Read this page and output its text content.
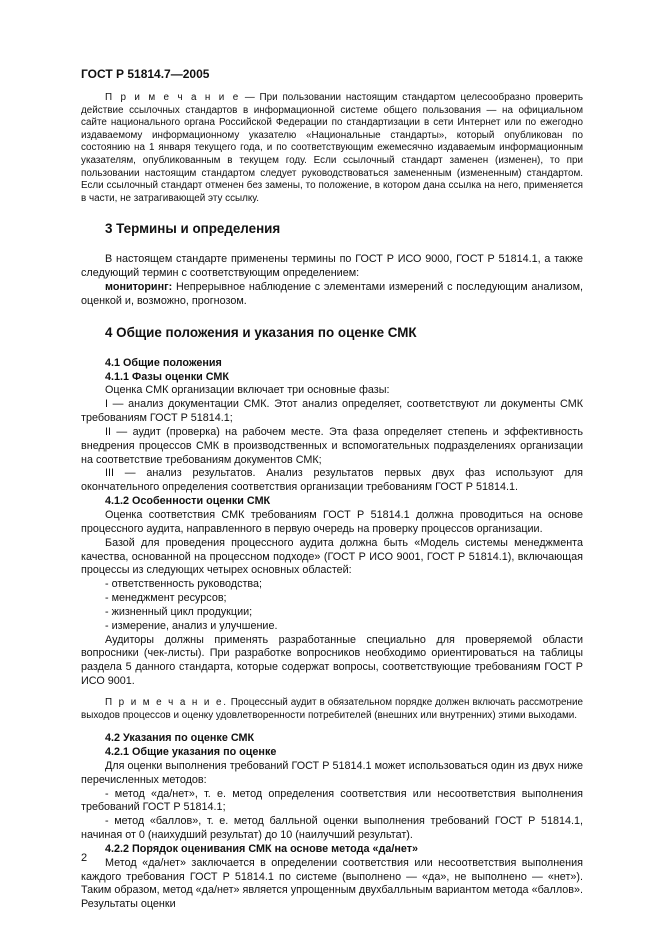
ГОСТ Р 51814.7—2005

П р и м е ч а н и е — При пользовании настоящим стандартом целесообразно проверить действие ссылочных стандартов в информационной системе общего пользования — на официальном сайте национального органа Российской Федерации по стандартизации в сети Интернет или по ежегодно издаваемому информационному указателю «Национальные стандарты», который опубликован по состоянию на 1 января текущего года, и по соответствующим ежемесячно издаваемым информационным указателям, опубликованным в текущем году. Если ссылочный стандарт заменен (изменен), то при пользовании настоящим стандартом следует руководствоваться замененным (измененным) стандартом. Если ссылочный стандарт отменен без замены, то положение, в котором дана ссылка на него, применяется в части, не затрагивающей эту ссылку.

3 Термины и определения

В настоящем стандарте применены термины по ГОСТ Р ИСО 9000, ГОСТ Р 51814.1, а также следующий термин с соответствующим определением:

мониторинг: Непрерывное наблюдение с элементами измерений с последующим анализом, оценкой и, возможно, прогнозом.

4 Общие положения и указания по оценке СМК

4.1 Общие положения

4.1.1 Фазы оценки СМК

Оценка СМК организации включает три основные фазы:

I — анализ документации СМК. Этот анализ определяет, соответствуют ли документы СМК требованиям ГОСТ Р 51814.1;

II — аудит (проверка) на рабочем месте. Эта фаза определяет степень и эффективность внедрения процессов СМК в производственных и вспомогательных подразделениях организации на соответствие требованиям документов СМК;

III — анализ результатов. Анализ результатов первых двух фаз используют для окончательного определения соответствия организации требованиям ГОСТ Р 51814.1.

4.1.2 Особенности оценки СМК

Оценка соответствия СМК требованиям ГОСТ Р 51814.1 должна проводиться на основе процессного аудита, направленного в первую очередь на проверку процессов организации.

Базой для проведения процессного аудита должна быть «Модель системы менеджмента качества, основанной на процессном подходе» (ГОСТ Р ИСО 9001, ГОСТ Р 51814.1), включающая процессы из следующих четырех основных областей:

- ответственность руководства;

- менеджмент ресурсов;

- жизненный цикл продукции;

- измерение, анализ и улучшение.

Аудиторы должны применять разработанные специально для проверяемой области вопросники (чек-листы). При разработке вопросников необходимо ориентироваться на таблицы раздела 5 данного стандарта, которые содержат вопросы, соответствующие требованиям ГОСТ Р ИСО 9001.

П р и м е ч а н и е. Процессный аудит в обязательном порядке должен включать рассмотрение выходов процессов и оценку удовлетворенности потребителей (внешних или внутренних) этими выходами.

4.2 Указания по оценке СМК

4.2.1 Общие указания по оценке

Для оценки выполнения требований ГОСТ Р 51814.1 может использоваться один из двух ниже перечисленных методов:

- метод «да/нет», т. е. метод определения соответствия или несоответствия выполнения требований ГОСТ Р 51814.1;

- метод «баллов», т. е. метод балльной оценки выполнения требований ГОСТ Р 51814.1, начиная от 0 (наихудший результат) до 10 (наилучший результат).

4.2.2 Порядок оценивания СМК на основе метода «да/нет»

Метод «да/нет» заключается в определении соответствия или несоответствия выполнения каждого требования ГОСТ Р 51814.1 по системе (выполнено — «да», не выполнено — «нет»). Таким образом, метод «да/нет» является упрощенным двухбалльным вариантом метода «баллов». Результаты оценки

2
